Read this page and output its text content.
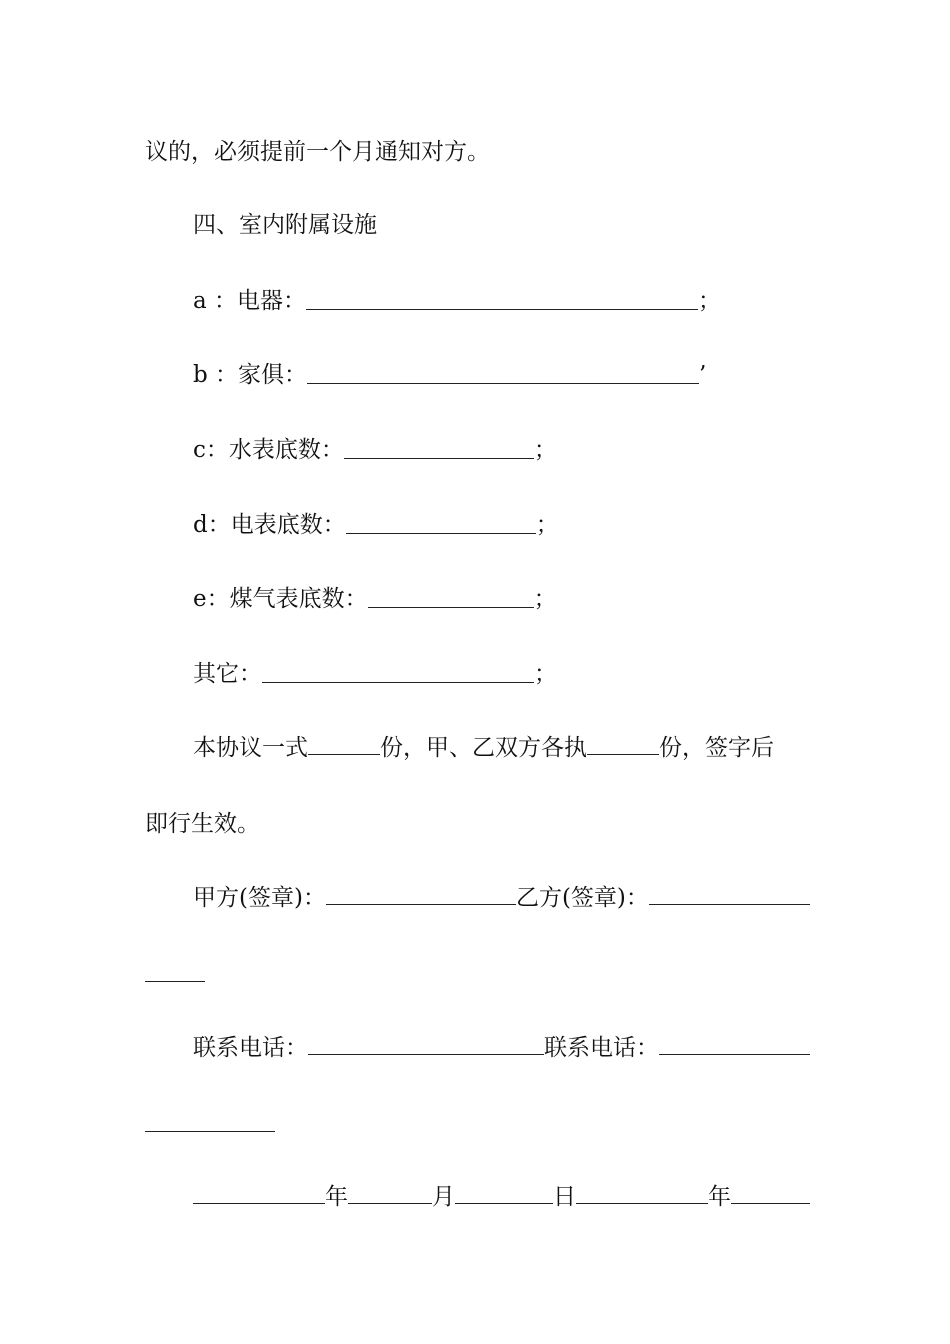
议的，必须提前一个月通知对方。
四、室内附属设施
a ：电器：	；
b ：家俱：	’
c：水表底数：	；
d：电表底数：	；
e：煤气表底数：	；
其它：	；
本协议一式	份，甲、乙双方各执	份，签字后
即行生效。
甲方(签章)：	乙方(签章)：
联系电话：	联系电话：
年	月	日	年
